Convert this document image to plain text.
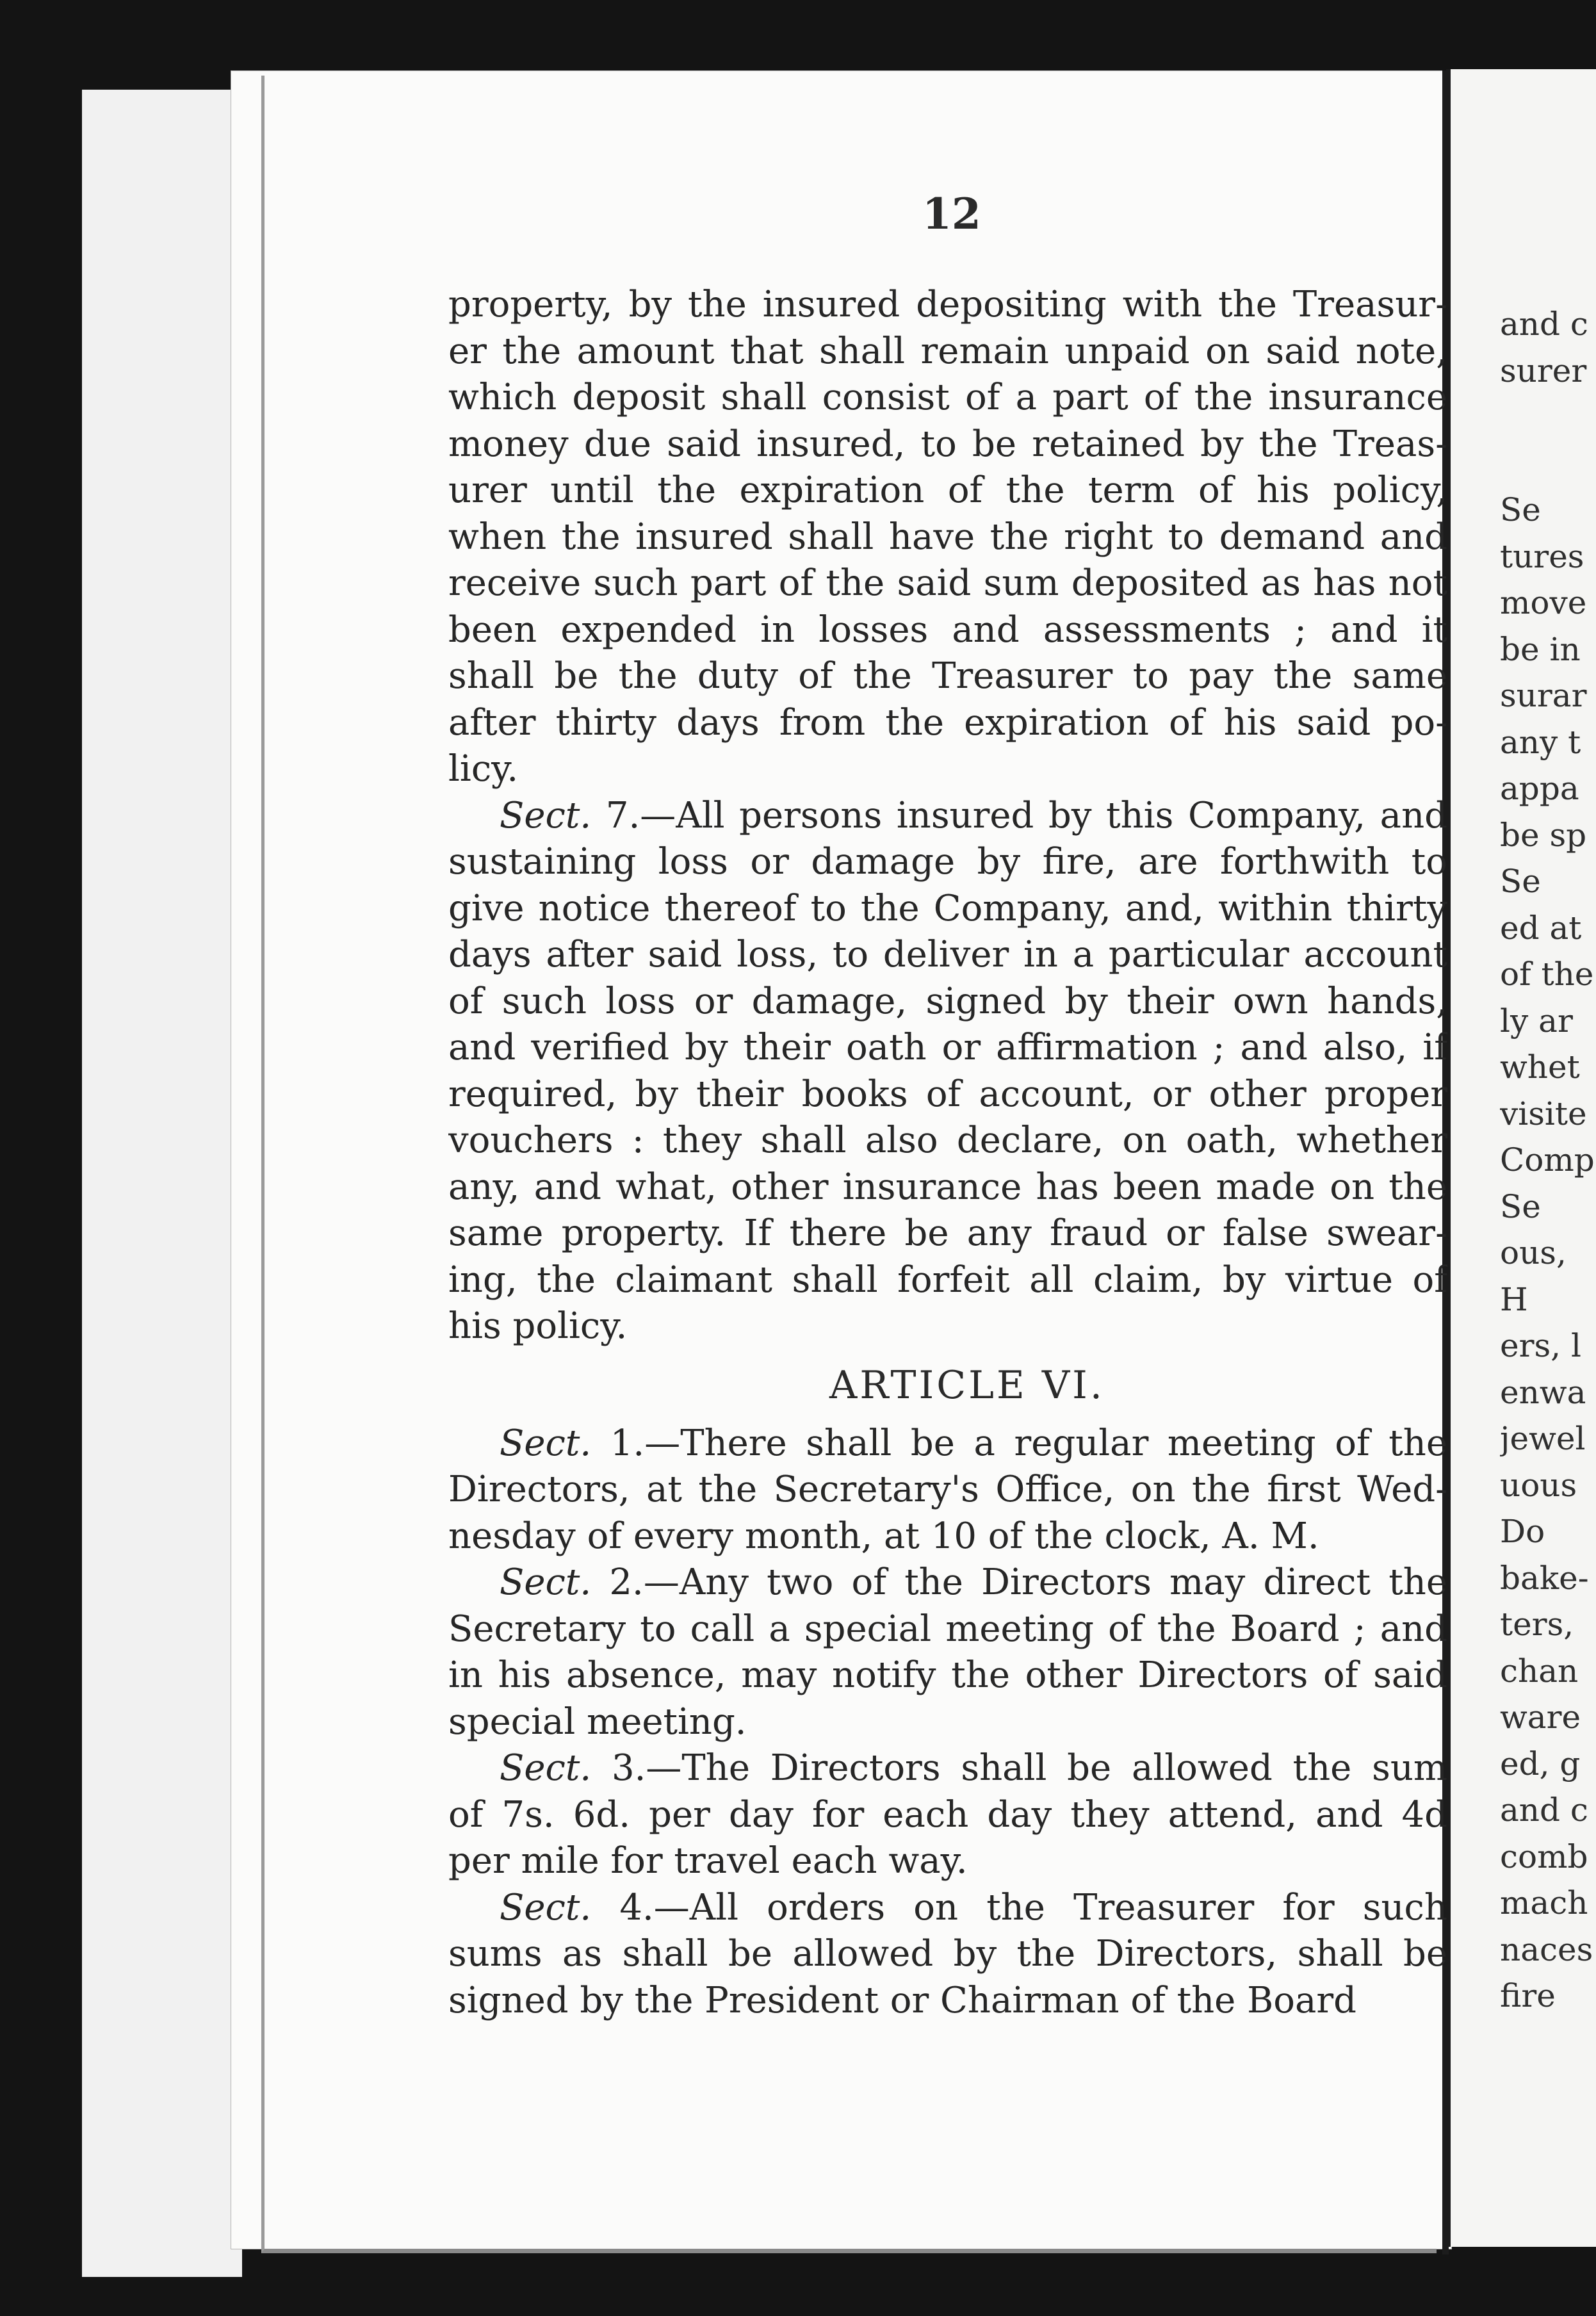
12
property, by the insured depositing with the Treasur-
er the amount that shall remain unpaid on said note,
which deposit shall consist of a part of the insurance
money due said insured, to be retained by the Treas-
urer until the expiration of the term of his policy,
when the insured shall have the right to demand and
receive such part of the said sum deposited as has not
been expended in losses and assessments ; and it
shall be the duty of the Treasurer to pay the same
after thirty days from the expiration of his said po-
licy.
Sect. 7.—All persons insured by this Company, and
sustaining loss or damage by fire, are forthwith to
give notice thereof to the Company, and, within thirty
days after said loss, to deliver in a particular account
of such loss or damage, signed by their own hands,
and verified by their oath or affirmation ; and also, if
required, by their books of account, or other proper
vouchers : they shall also declare, on oath, whether
any, and what, other insurance has been made on the
same property. If there be any fraud or false swear-
ing, the claimant shall forfeit all claim, by virtue of
his policy.
ARTICLE VI.
Sect. 1.—There shall be a regular meeting of the
Directors, at the Secretary's Office, on the first Wed-
nesday of every month, at 10 of the clock, A. M.
Sect. 2.—Any two of the Directors may direct the
Secretary to call a special meeting of the Board ; and
in his absence, may notify the other Directors of said
special meeting.
Sect. 3.—The Directors shall be allowed the sum
of 7s. 6d. per day for each day they attend, and 4d
per mile for travel each way.
Sect. 4.—All orders on the Treasurer for such
sums as shall be allowed by the Directors, shall be
signed by the President or Chairman of the Board
and c
surer
Se
tures
move
be in
surar
any t
appa
be sp
Se
ed at
of the
ly ar
whet
visite
Comp
Se
ous,
H
ers, l
enwa
jewel
uous
Do
bake-
ters,
chan
ware
ed, g
and c
comb
mach
naces
fire
